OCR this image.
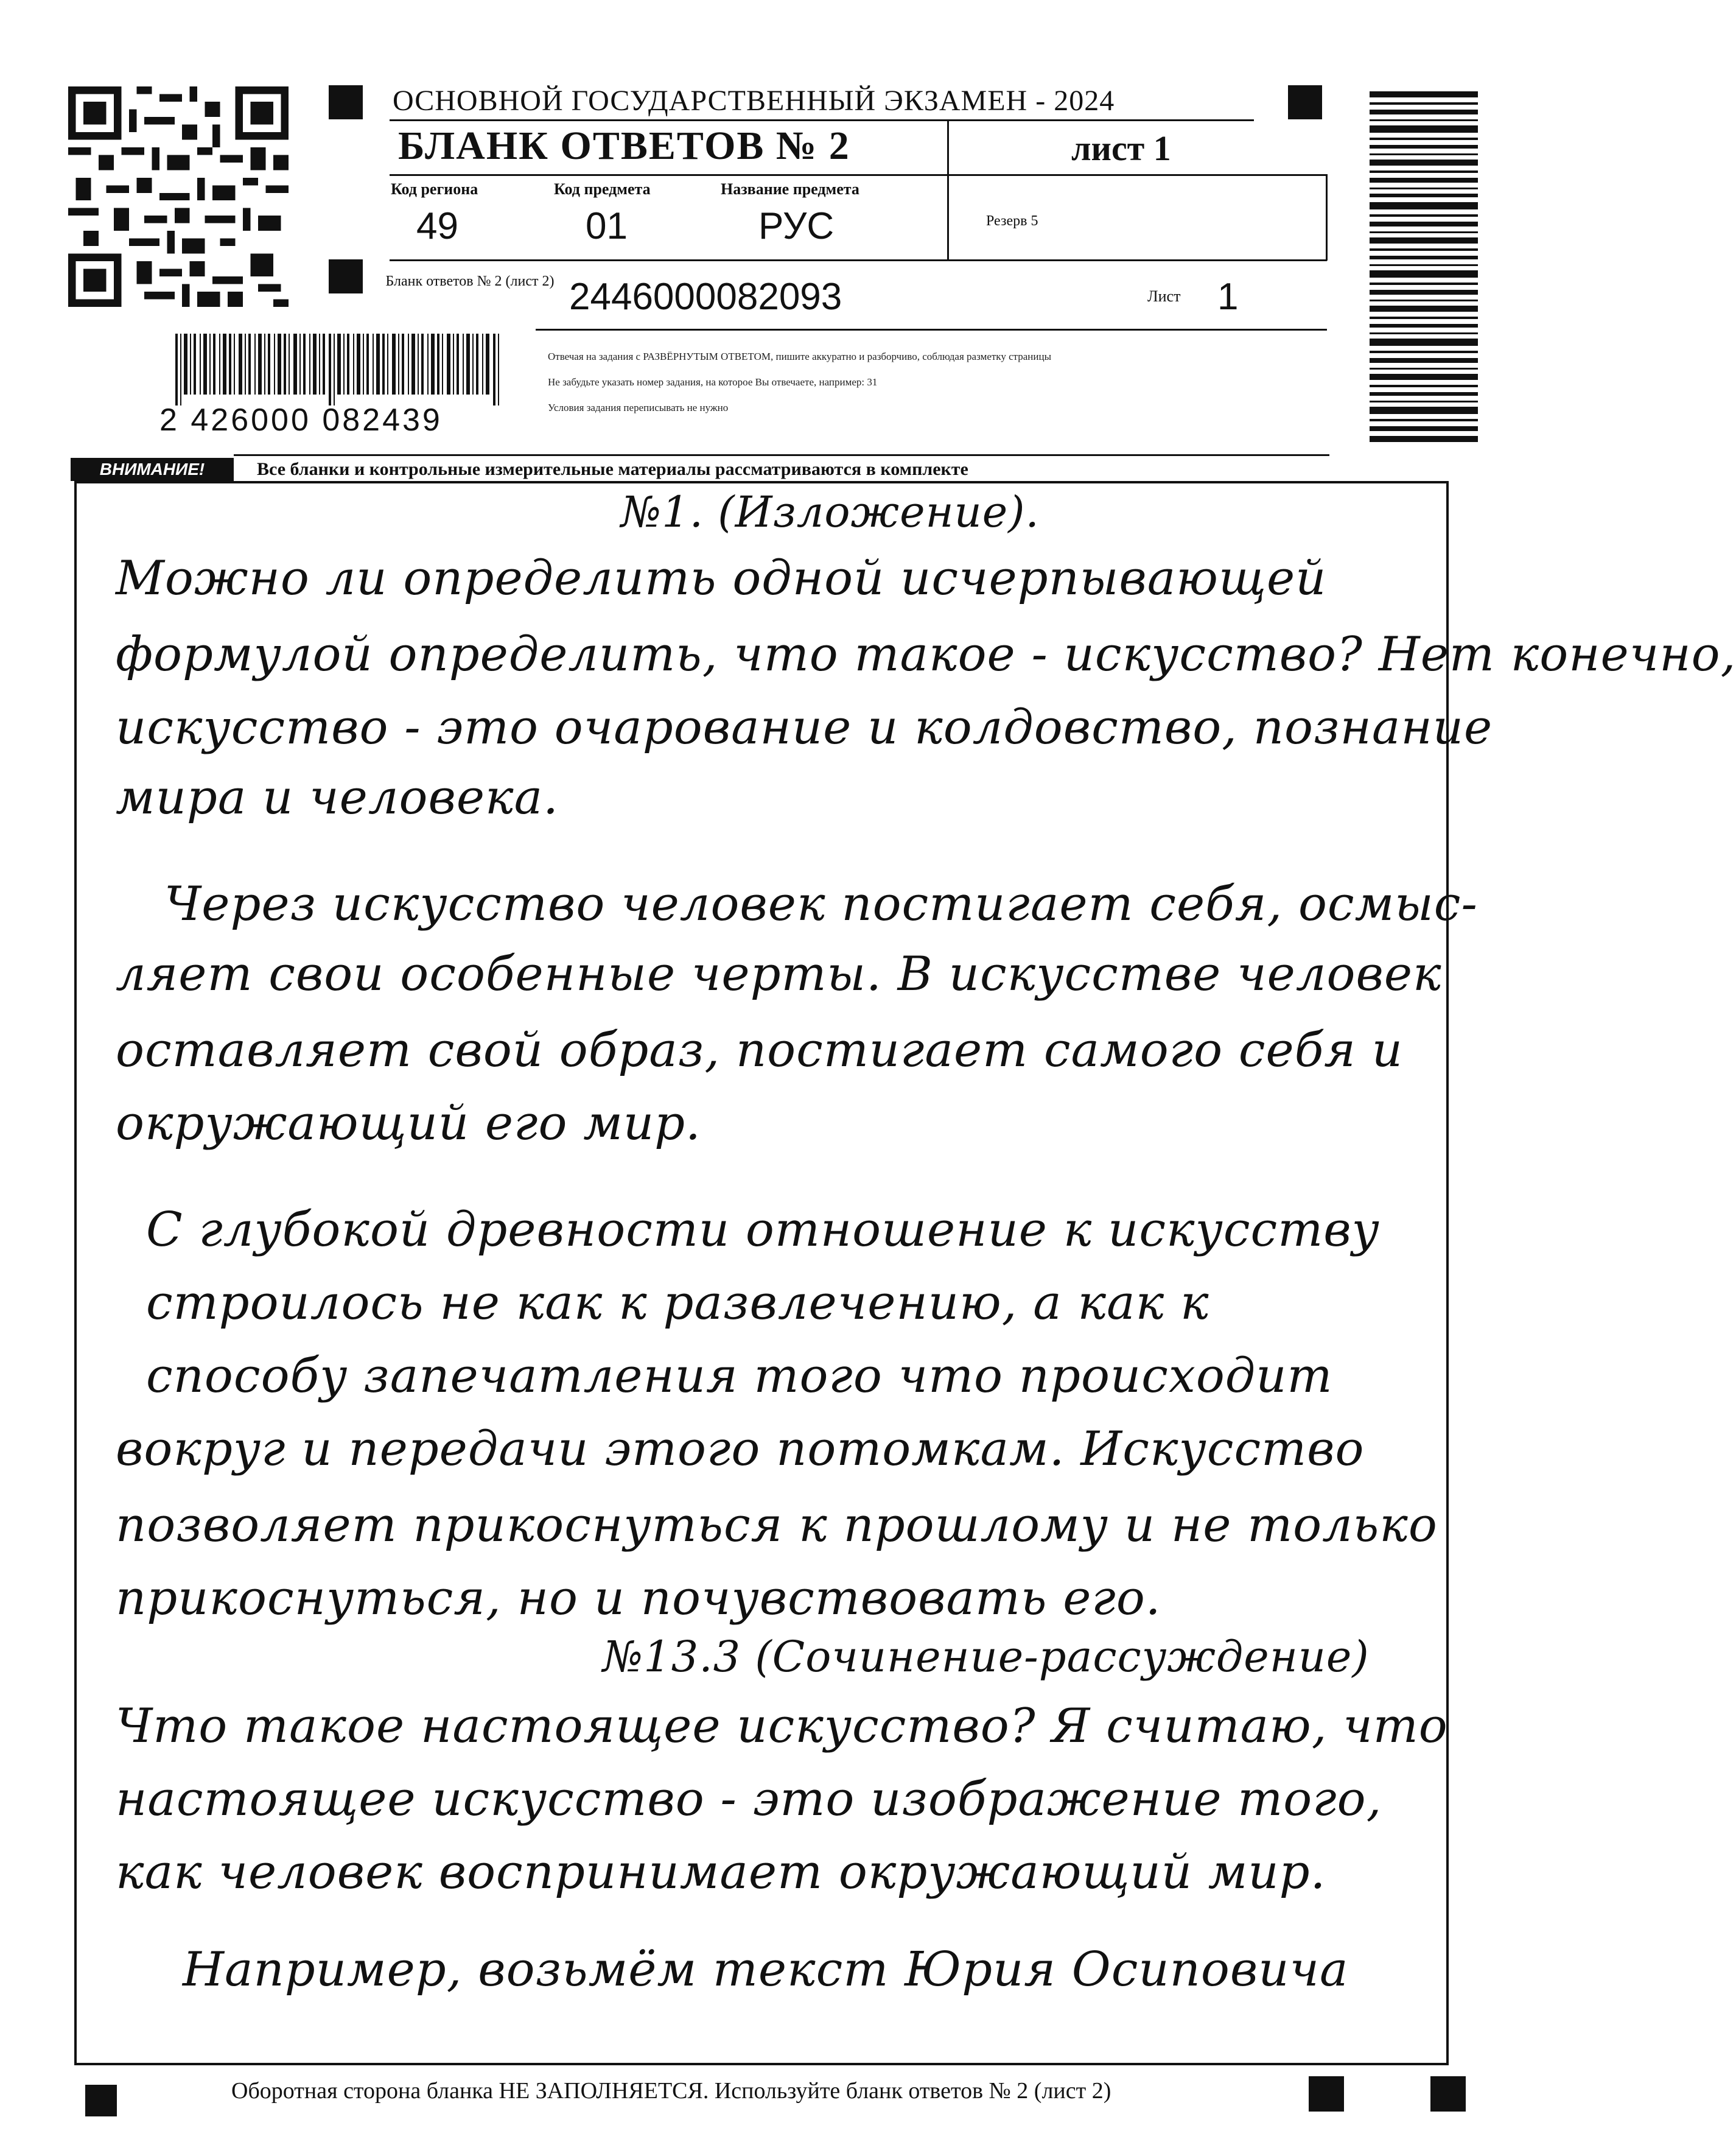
ОСНОВНОЙ ГОСУДАРСТВЕННЫЙ ЭКЗАМЕН - 2024
БЛАНК ОТВЕТОВ № 2	лист 1
Код региона
49
Код предмета
01
Название предмета
РУС	Резерв 5
Бланк ответов № 2 (лист 2) 2446000082093	Лист 1
Отвечая на задания с РАЗВЁРНУТЫМ ОТВЕТОМ, пишите аккуратно и разборчиво, соблюдая разметку страницы
Не забудьте указать номер задания, на которое Вы отвечаете, например: 31
Условия задания переписывать не нужно
2 426000 082439
ВНИМАНИЕ!	Все бланки и контрольные измерительные материалы рассматриваются в комплекте
№1. (Изложение).
Можно ли определить одной исчерпывающей
формулой определить, что такое - искусство? Нет конечно,
искусство - это очарование и колдовство, познание
мира и человека.
Через искусство человек постигает себя, осмыс-
ляет свои особенные черты. В искусстве человек
оставляет свой образ, постигает самого себя и
окружающий его мир.
С глубокой древности отношение к искусству
строилось не как к развлечению, а как к
способу запечатления того что происходит
вокруг и передачи этого потомкам. Искусство
позволяет прикоснуться к прошлому и не только
прикоснуться, но и почувствовать его.
№13.3 (Сочинение-рассуждение)
Что такое настоящее искусство? Я считаю, что
настоящее искусство - это изображение того,
как человек воспринимает окружающий мир.
Например, возьмём текст Юрия Осиповича
Оборотная сторона бланка НЕ ЗАПОЛНЯЕТСЯ. Используйте бланк ответов № 2 (лист 2)
